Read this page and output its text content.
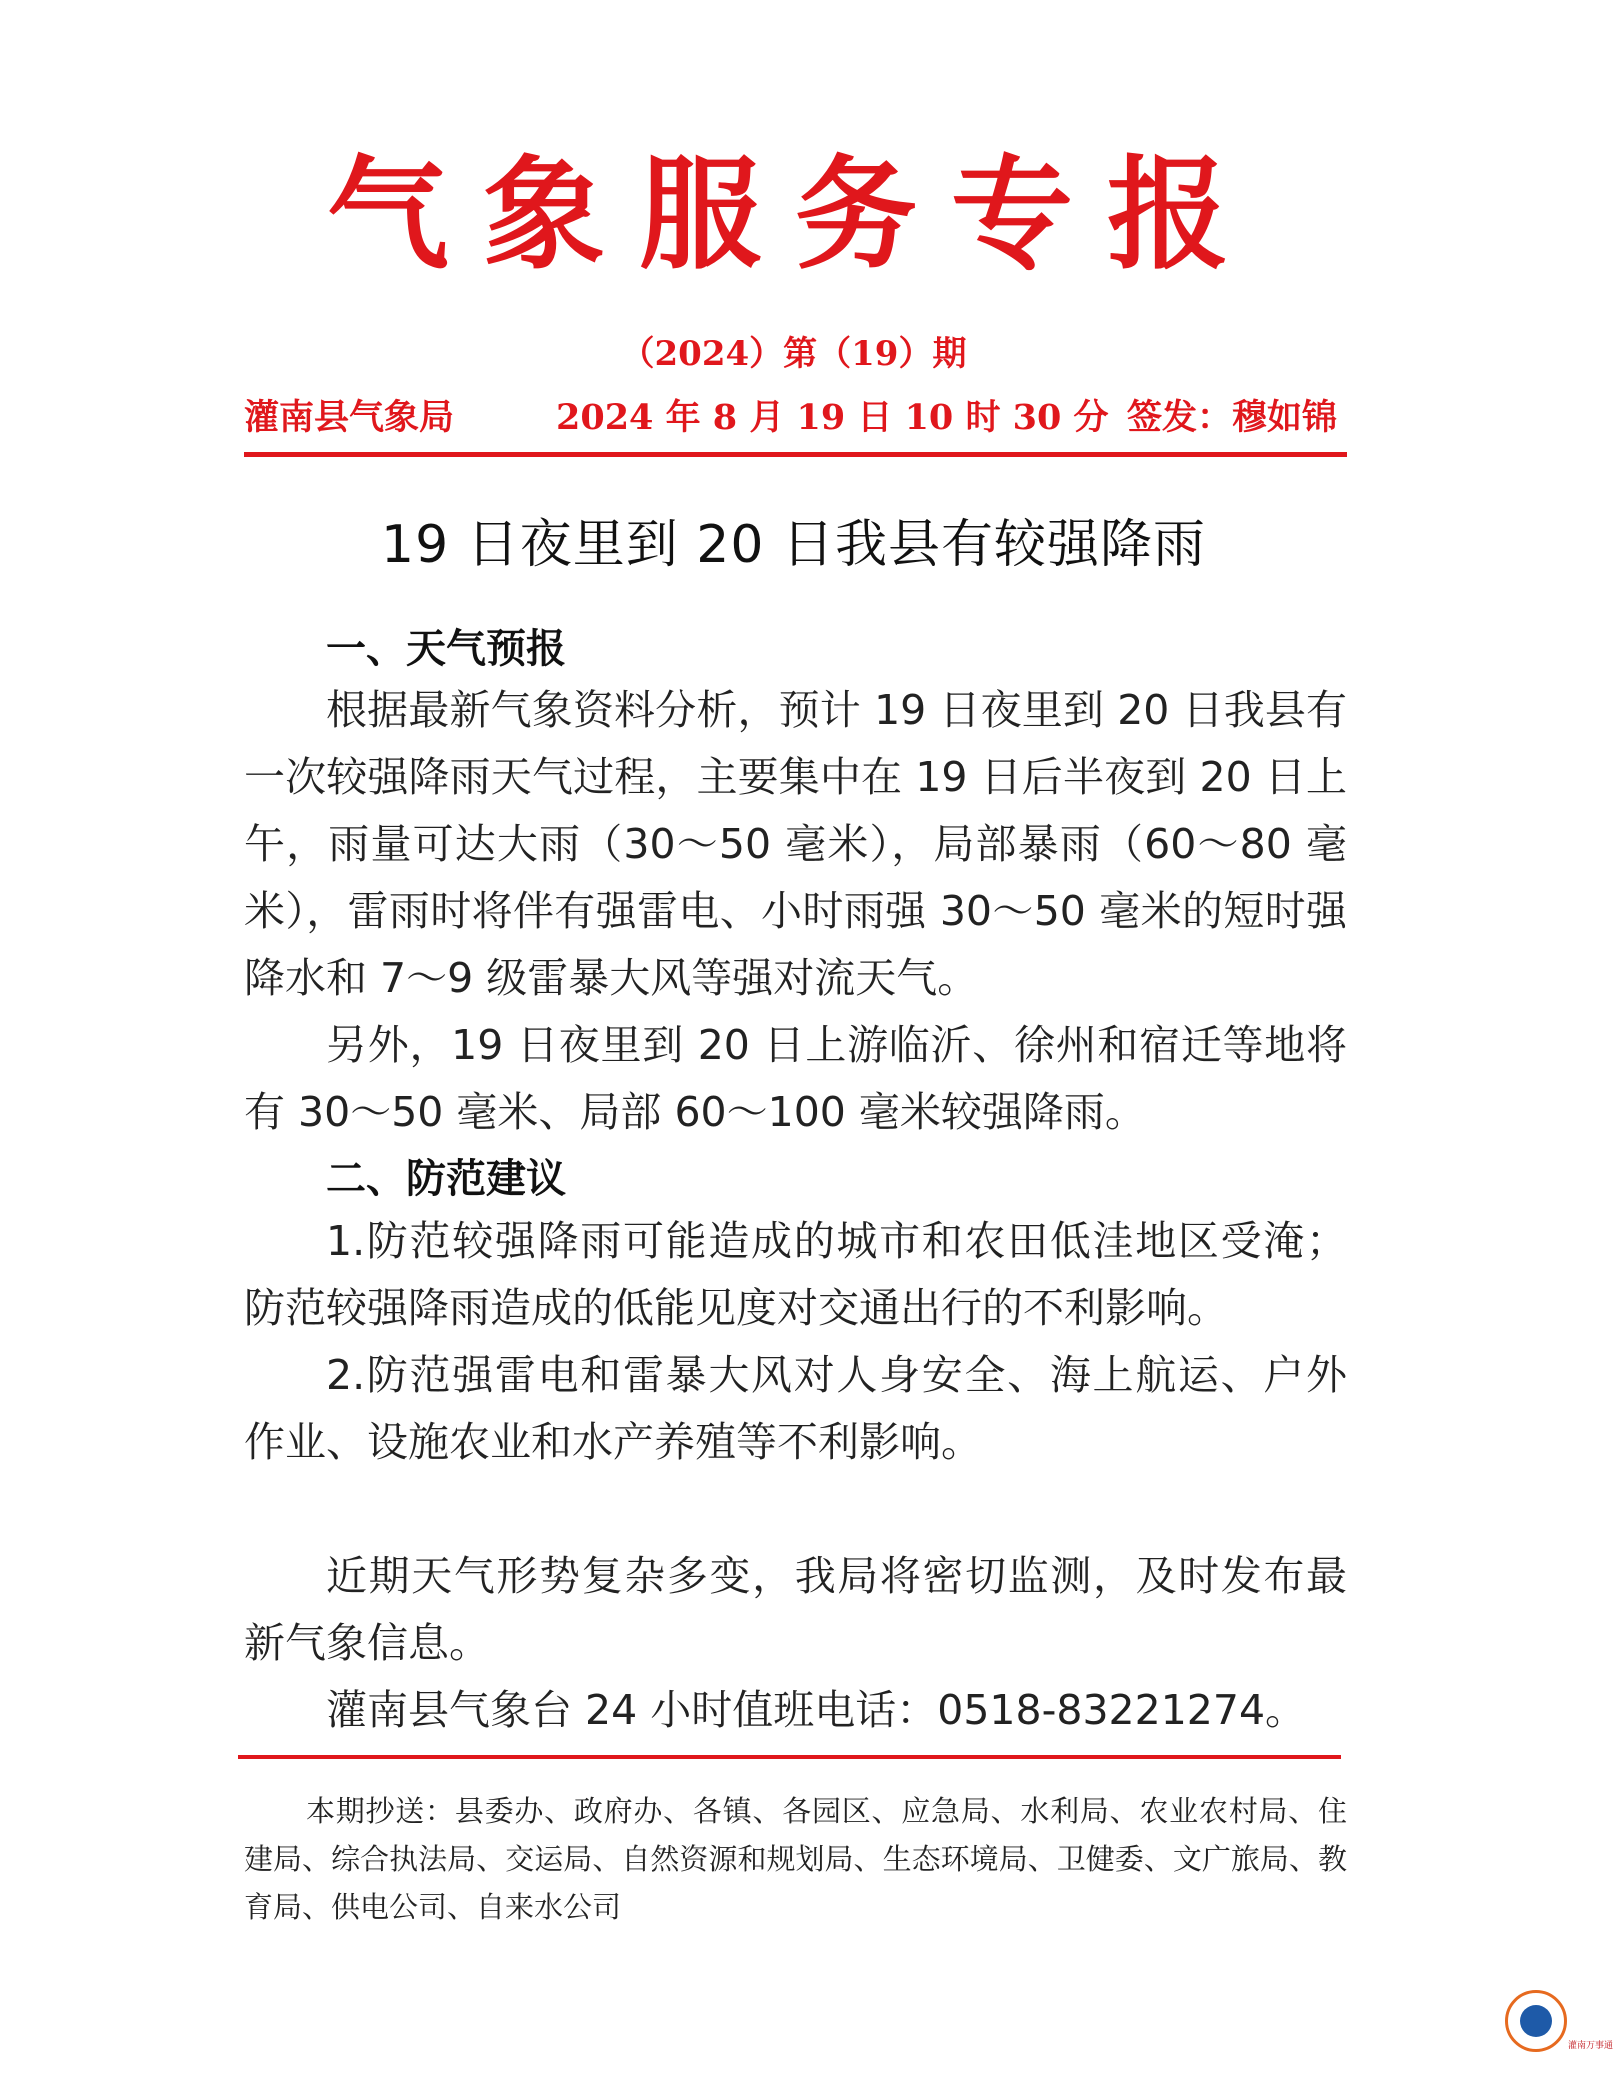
气象服务专报
（2024）第（19）期
灌南县气象局	2024 年 8 月 19 日 10 时 30 分 签发：穆如锦
19 日夜里到 20 日我县有较强降雨
一、天气预报

根据最新气象资料分析，预计 19 日夜里到 20 日我县有一次较强降雨天气过程，主要集中在 19 日后半夜到 20 日上午，雨量可达大雨（30～50 毫米），局部暴雨（60～80 毫米），雷雨时将伴有强雷电、小时雨强 30～50 毫米的短时强降水和 7～9 级雷暴大风等强对流天气。

另外，19 日夜里到 20 日上游临沂、徐州和宿迁等地将有 30～50 毫米、局部 60～100 毫米较强降雨。

二、防范建议

1.防范较强降雨可能造成的城市和农田低洼地区受淹；防范较强降雨造成的低能见度对交通出行的不利影响。

2.防范强雷电和雷暴大风对人身安全、海上航运、户外作业、设施农业和水产养殖等不利影响。

近期天气形势复杂多变，我局将密切监测，及时发布最新气象信息。

灌南县气象台 24 小时值班电话：0518-83221274。

本期抄送：县委办、政府办、各镇、各园区、应急局、水利局、农业农村局、住建局、综合执法局、交运局、自然资源和规划局、生态环境局、卫健委、文广旅局、教育局、供电公司、自来水公司

灌南万事通
